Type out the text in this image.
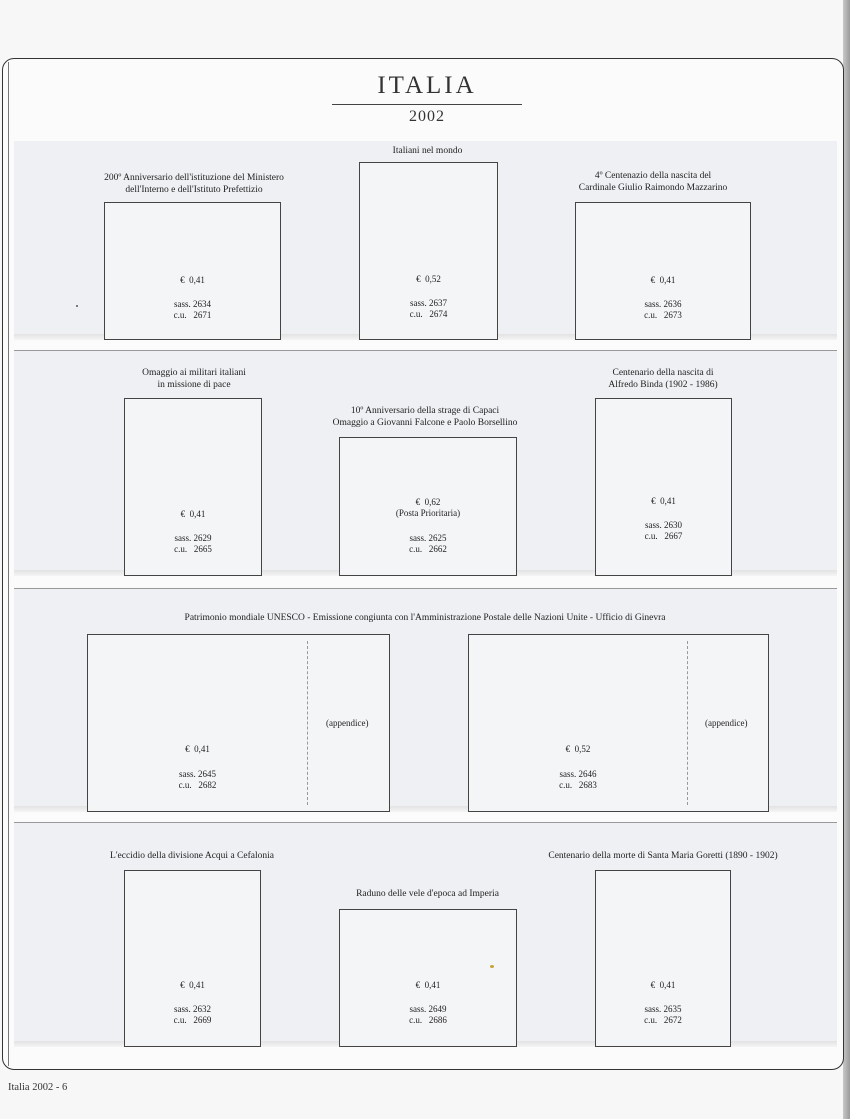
ITALIA
2002
200º Anniversario dell'istituzione del Ministero
dell'Interno e dell'Istituto Prefettizio
Italiani nel mondo
4º Centenazio della nascita del
Cardinale Giulio Raimondo Mazzarino
€  0,41
sass. 2634
c.u.   2671
€  0,52
sass. 2637
c.u.   2674
€  0,41
sass. 2636
c.u.   2673
Omaggio ai militari italiani
in missione di pace
10º Anniversario della strage di Capaci
Omaggio a Giovanni Falcone e Paolo Borsellino
Centenario della nascita di
Alfredo Binda (1902 - 1986)
€  0,41
sass. 2629
c.u.   2665
€  0,62
(Posta Prioritaria)
sass. 2625
c.u.   2662
€  0,41
sass. 2630
c.u.   2667
Patrimonio mondiale UNESCO - Emissione congiunta con l'Amministrazione Postale delle Nazioni Unite - Ufficio di Ginevra
(appendice)
€  0,41
sass. 2645
c.u.   2682
(appendice)
€  0,52
sass. 2646
c.u.   2683
L'eccidio della divisione Acqui a Cefalonia
Raduno delle vele d'epoca ad Imperia
Centenario della morte di Santa Maria Goretti (1890 - 1902)
€  0,41
sass. 2632
c.u.   2669
€  0,41
sass. 2649
c.u.   2686
€  0,41
sass. 2635
c.u.   2672
Italia 2002 - 6
